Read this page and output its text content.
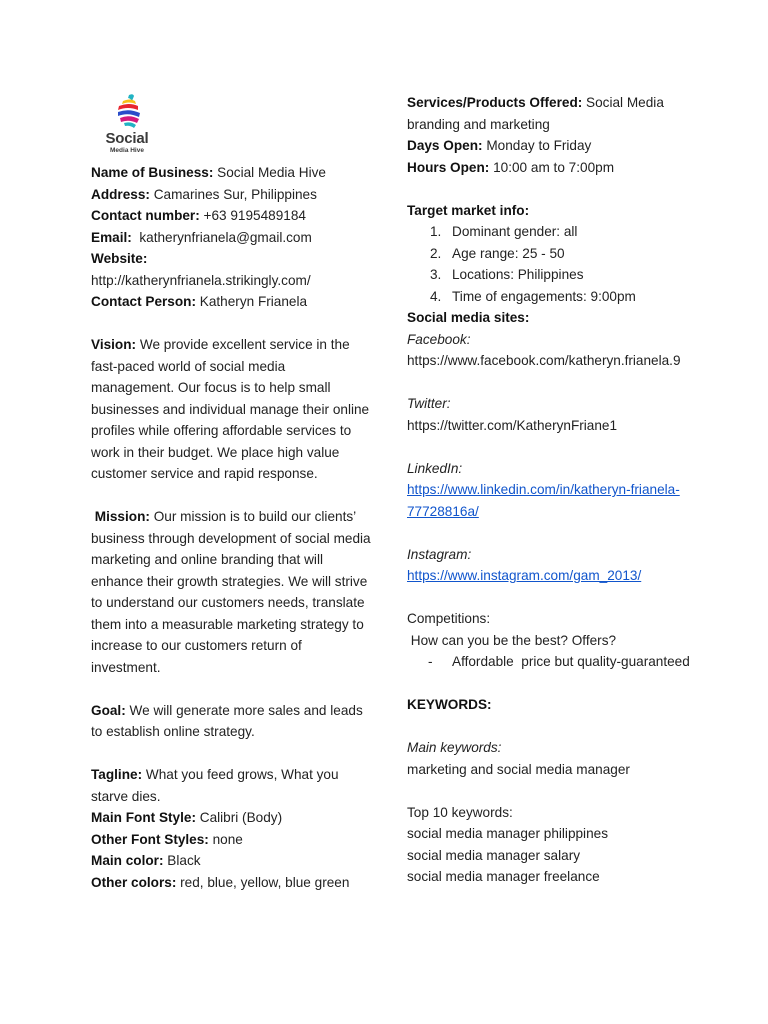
Social
Media Hive

Name of Business: Social Media Hive

Address: Camarines Sur, Philippines

Contact number: +63 9195489184

Email:  katherynfrianela@gmail.com

Website:

http://katherynfrianela.strikingly.com/

Contact Person: Katheryn Frianela

Vision: We provide excellent service in the fast-paced world of social media management. Our focus is to help small businesses and individual manage their online profiles while offering affordable services to work in their budget. We place high value customer service and rapid response.

Mission: Our mission is to build our clients’ business through development of social media marketing and online branding that will enhance their growth strategies. We will strive to understand our customers needs, translate them into a measurable marketing strategy to increase to our customers return of investment.

Goal: We will generate more sales and leads to establish online strategy.

Tagline: What you feed grows, What you starve dies.

Main Font Style: Calibri (Body)

Other Font Styles: none

Main color: Black

Other colors: red, blue, yellow, blue green

Services/Products Offered: Social Media branding and marketing

Days Open: Monday to Friday

Hours Open: 10:00 am to 7:00pm

Target market info:

1. Dominant gender: all
2. Age range: 25 - 50
3. Locations: Philippines
4. Time of engagements: 9:00pm

Social media sites:

Facebook:

https://www.facebook.com/katheryn.frianela.9

Twitter:

https://twitter.com/KatherynFriane1

LinkedIn:

https://www.linkedin.com/in/katheryn-frianela-77728816a/

Instagram:

https://www.instagram.com/gam_2013/

Competitions:

How can you be the best? Offers?

- Affordable  price but quality-guaranteed

KEYWORDS:

Main keywords:

marketing and social media manager

Top 10 keywords:

social media manager philippines

social media manager salary

social media manager freelance
